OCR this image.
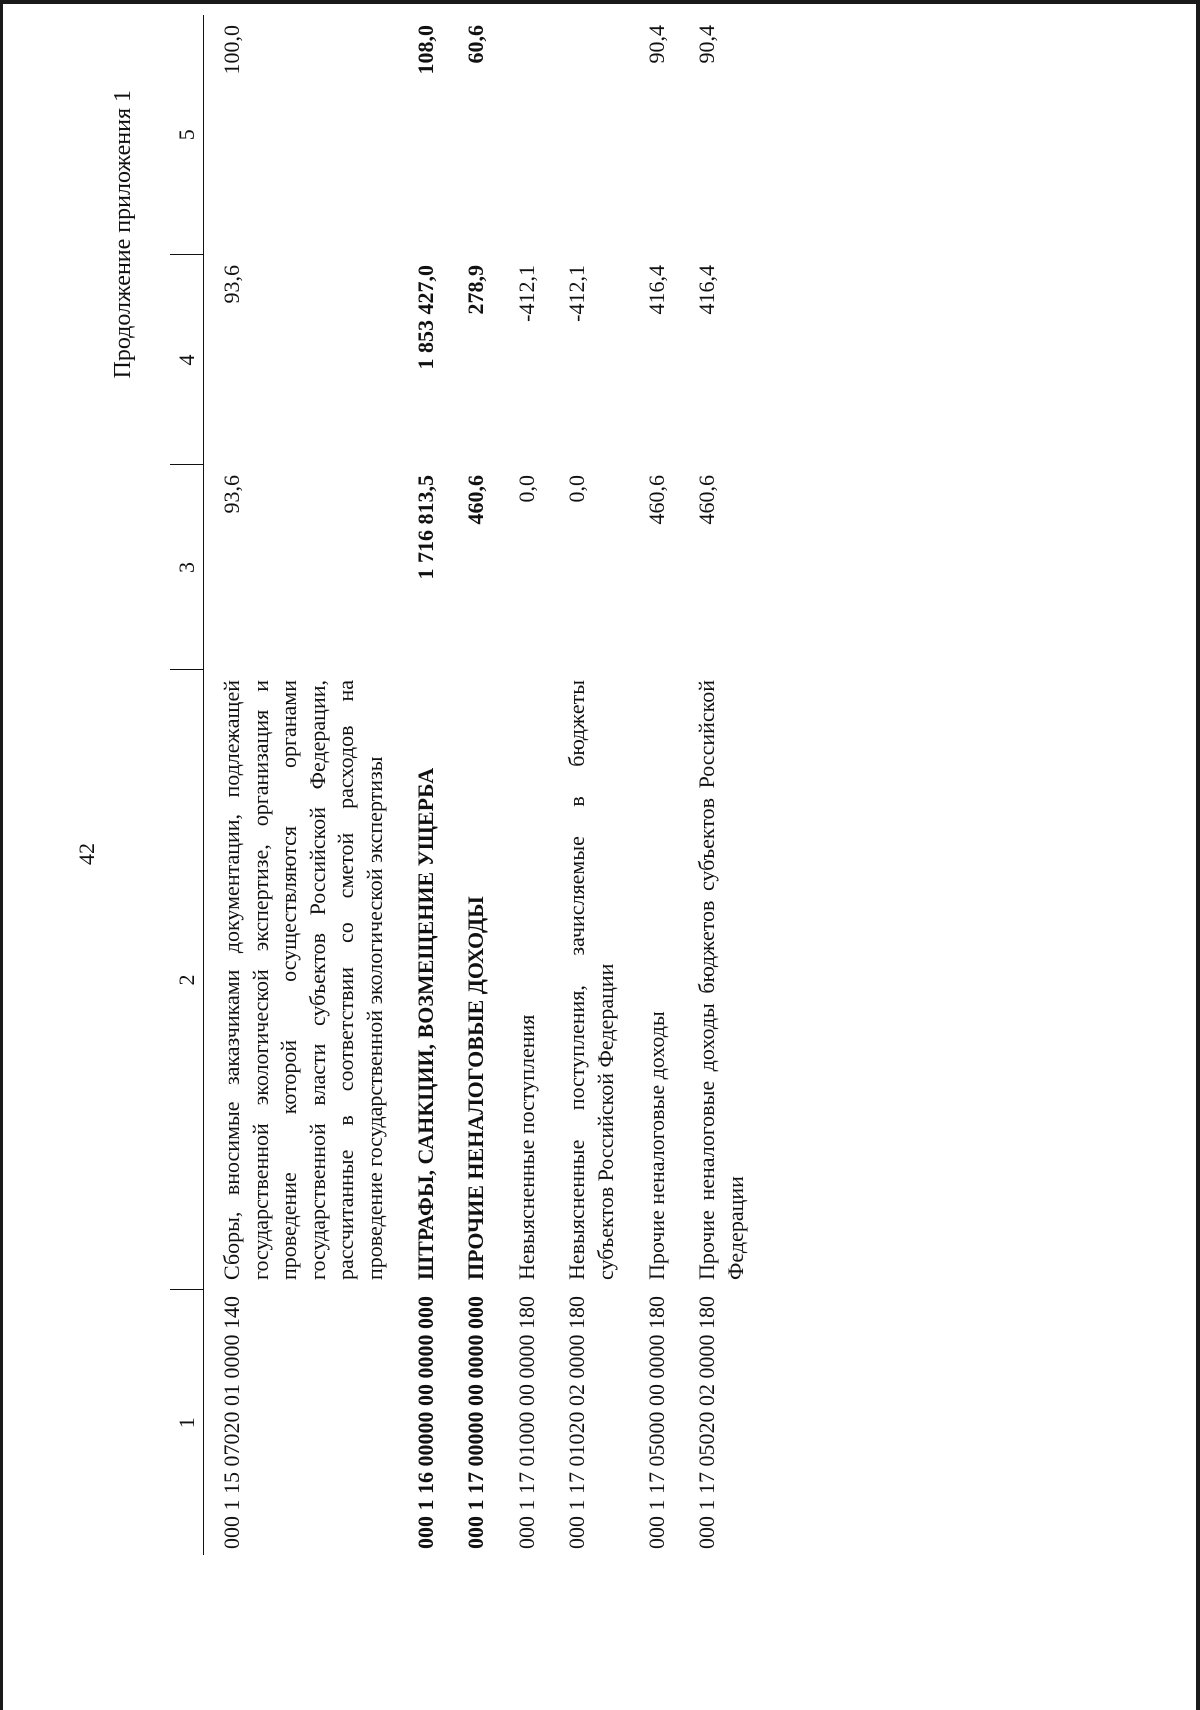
42
Продолжение приложения 1
1	2	3	4	5
000 1 15 07020 01 0000 140	Сборы, вносимые заказчиками документации, подлежащей государственной экологической экспертизе, организация и проведение которой осуществляются органами государственной власти субъектов Российской Федерации, рассчитанные в соответствии со сметой расходов на проведение государственной экологической экспертизы	93,6	93,6	100,0
000 1 16 00000 00 0000 000	ШТРАФЫ, САНКЦИИ, ВОЗМЕЩЕНИЕ УЩЕРБА	1 716 813,5	1 853 427,0	108,0
000 1 17 00000 00 0000 000	ПРОЧИЕ НЕНАЛОГОВЫЕ ДОХОДЫ	460,6	278,9	60,6
000 1 17 01000 00 0000 180	Невыясненные поступления	0,0	-412,1	
000 1 17 01020 02 0000 180	Невыясненные поступления, зачисляемые в бюджеты субъектов Российской Федерации	0,0	-412,1	
000 1 17 05000 00 0000 180	Прочие неналоговые доходы	460,6	416,4	90,4
000 1 17 05020 02 0000 180	Прочие неналоговые доходы бюджетов субъектов Российской Федерации	460,6	416,4	90,4
